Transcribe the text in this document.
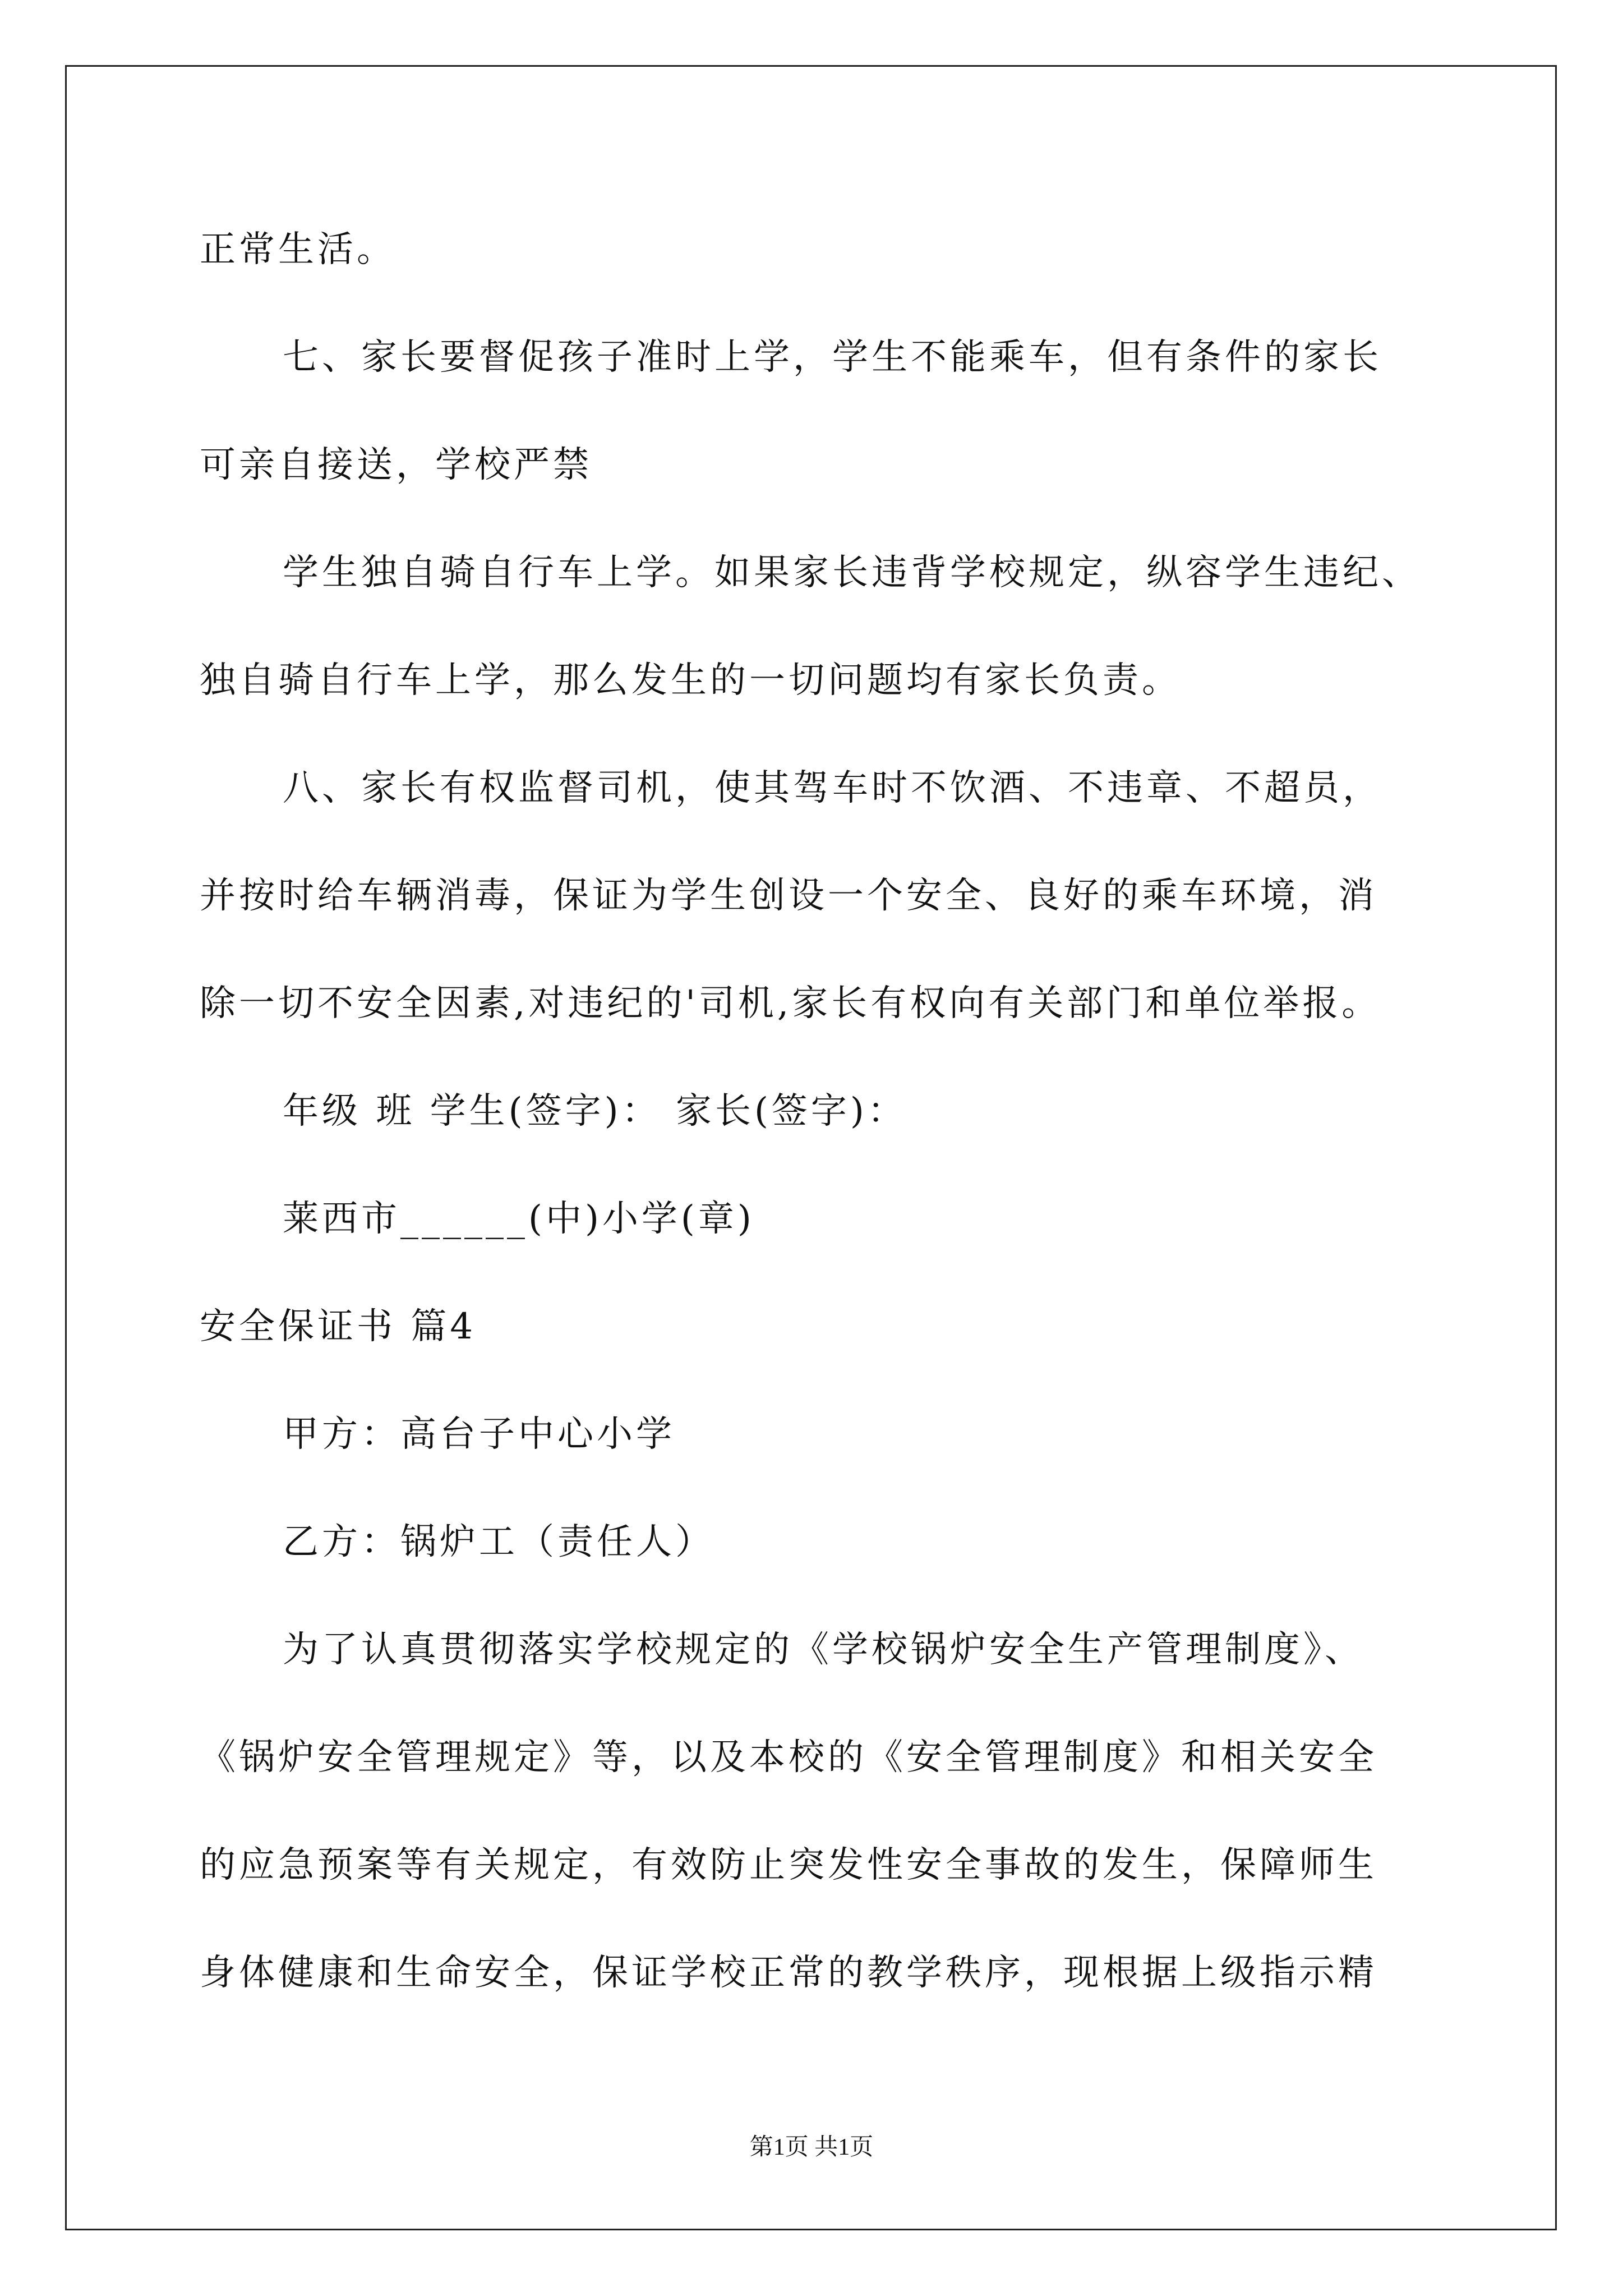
正常生活。
七、家长要督促孩子准时上学，学生不能乘车，但有条件的家长
可亲自接送，学校严禁
学生独自骑自行车上学。如果家长违背学校规定，纵容学生违纪、
独自骑自行车上学，那么发生的一切问题均有家长负责。
八、家长有权监督司机，使其驾车时不饮酒、不违章、不超员，
并按时给车辆消毒，保证为学生创设一个安全、良好的乘车环境，消
除一切不安全因素,对违纪的'司机,家长有权向有关部门和单位举报。
年级 班 学生(签字)： 家长(签字)：
莱西市______(中)小学(章)
安全保证书 篇4
甲方：高台子中心小学
乙方：锅炉工（责任人）
为了认真贯彻落实学校规定的《学校锅炉安全生产管理制度》、
《锅炉安全管理规定》等，以及本校的《安全管理制度》和相关安全
的应急预案等有关规定，有效防止突发性安全事故的发生，保障师生
身体健康和生命安全，保证学校正常的教学秩序，现根据上级指示精
第1页 共1页
